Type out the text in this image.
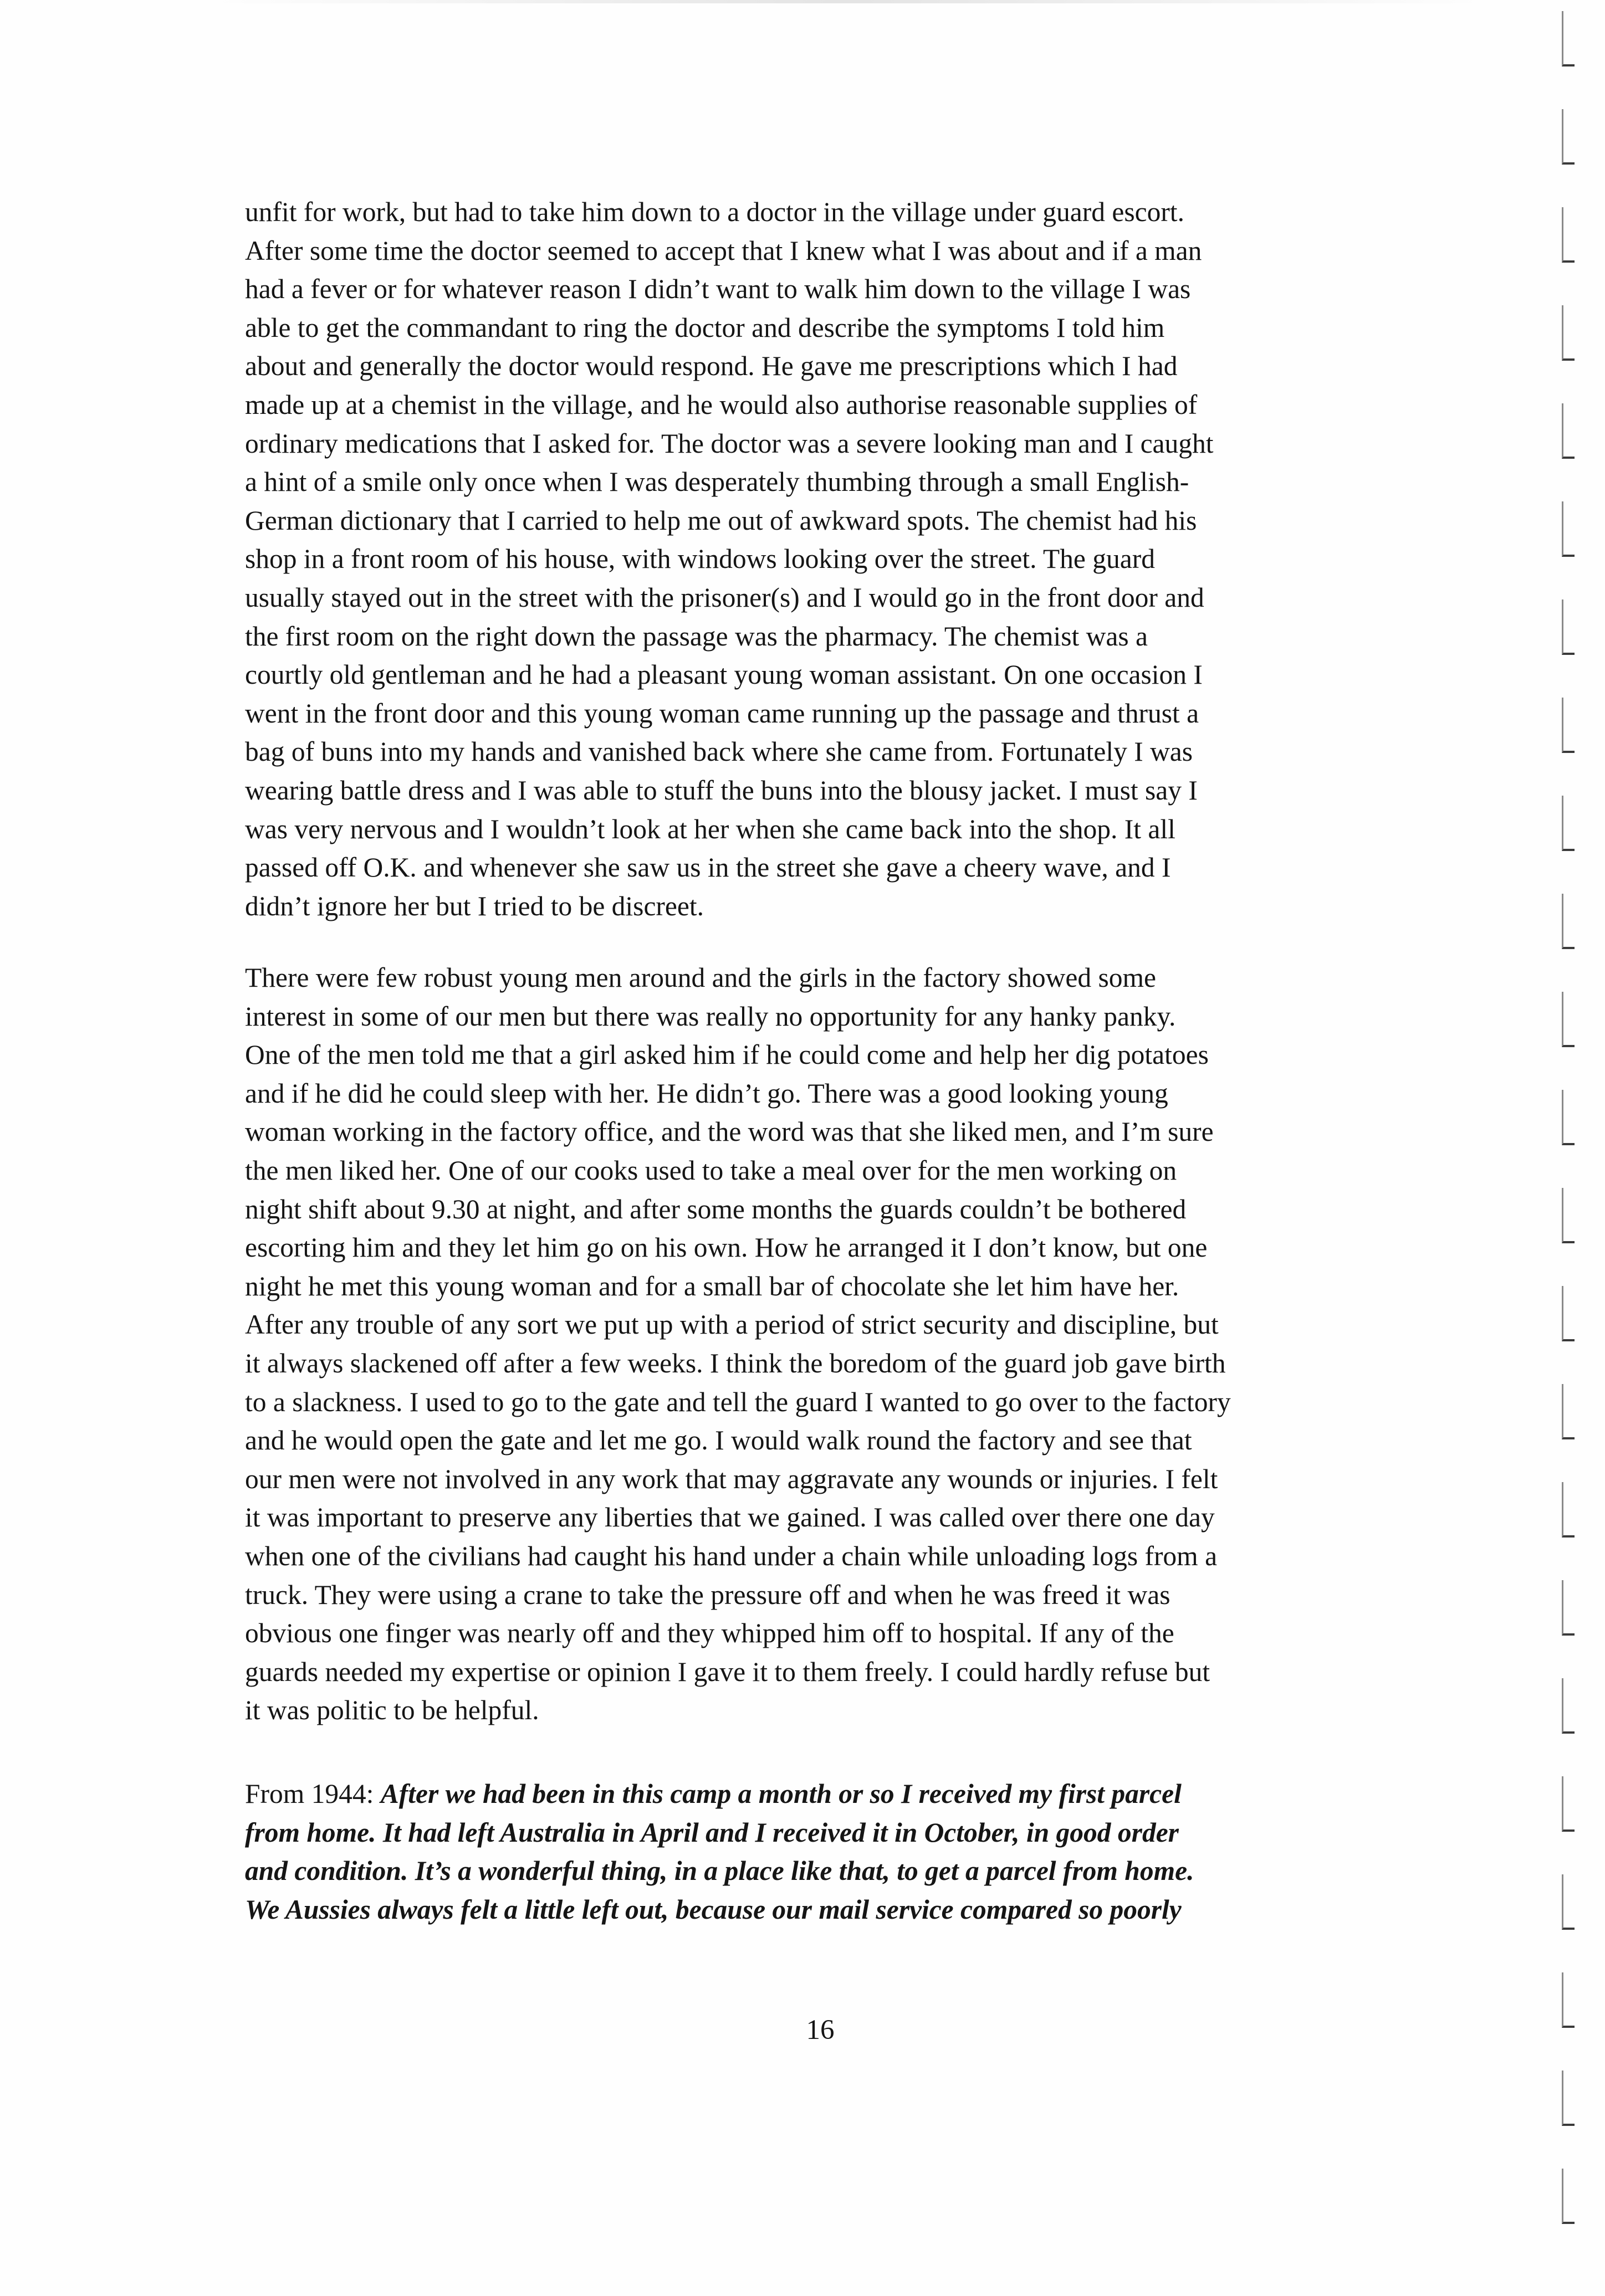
unfit for work, but had to take him down to a doctor in the village under guard escort.
After some time the doctor seemed to accept that I knew what I was about and if a man
had a fever or for whatever reason I didn’t want to walk him down to the village I was
able to get the commandant to ring the doctor and describe the symptoms I told him
about and generally the doctor would respond. He gave me prescriptions which I had
made up at a chemist in the village, and he would also authorise reasonable supplies of
ordinary medications that I asked for. The doctor was a severe looking man and I caught
a hint of a smile only once when I was desperately thumbing through a small English-
German dictionary that I carried to help me out of awkward spots. The chemist had his
shop in a front room of his house, with windows looking over the street. The guard
usually stayed out in the street with the prisoner(s) and I would go in the front door and
the first room on the right down the passage was the pharmacy. The chemist was a
courtly old gentleman and he had a pleasant young woman assistant. On one occasion I
went in the front door and this young woman came running up the passage and thrust a
bag of buns into my hands and vanished back where she came from. Fortunately I was
wearing battle dress and I was able to stuff the buns into the blousy jacket. I must say I
was very nervous and I wouldn’t look at her when she came back into the shop. It all
passed off O.K. and whenever she saw us in the street she gave a cheery wave, and I
didn’t ignore her but I tried to be discreet.
There were few robust young men around and the girls in the factory showed some
interest in some of our men but there was really no opportunity for any hanky panky.
One of the men told me that a girl asked him if he could come and help her dig potatoes
and if he did he could sleep with her. He didn’t go. There was a good looking young
woman working in the factory office, and the word was that she liked men, and I’m sure
the men liked her. One of our cooks used to take a meal over for the men working on
night shift about 9.30 at night, and after some months the guards couldn’t be bothered
escorting him and they let him go on his own. How he arranged it I don’t know, but one
night he met this young woman and for a small bar of chocolate she let him have her.
After any trouble of any sort we put up with a period of strict security and discipline, but
it always slackened off after a few weeks. I think the boredom of the guard job gave birth
to a slackness. I used to go to the gate and tell the guard I wanted to go over to the factory
and he would open the gate and let me go. I would walk round the factory and see that
our men were not involved in any work that may aggravate any wounds or injuries. I felt
it was important to preserve any liberties that we gained. I was called over there one day
when one of the civilians had caught his hand under a chain while unloading logs from a
truck. They were using a crane to take the pressure off and when he was freed it was
obvious one finger was nearly off and they whipped him off to hospital. If any of the
guards needed my expertise or opinion I gave it to them freely. I could hardly refuse but
it was politic to be helpful.
From 1944: After we had been in this camp a month or so I received my first parcel
from home. It had left Australia in April and I received it in October, in good order
and condition. It’s a wonderful thing, in a place like that, to get a parcel from home.
We Aussies always felt a little left out, because our mail service compared so poorly
16
